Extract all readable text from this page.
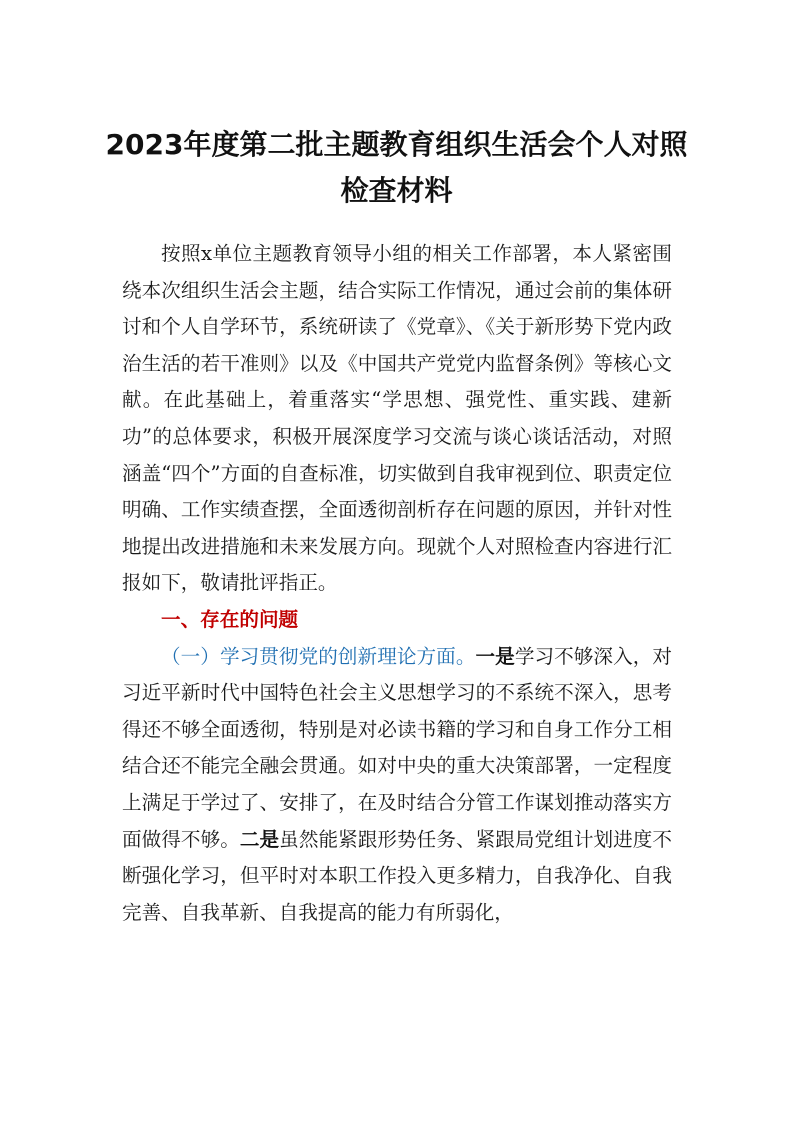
2023年度第二批主题教育组织生活会个人对照检查材料

按照x单位主题教育领导小组的相关工作部署，本人紧密围绕本次组织生活会主题，结合实际工作情况，通过会前的集体研讨和个人自学环节，系统研读了《党章》、《关于新形势下党内政治生活的若干准则》以及《中国共产党党内监督条例》等核心文献。在此基础上，着重落实“学思想、强党性、重实践、建新功”的总体要求，积极开展深度学习交流与谈心谈话活动，对照涵盖“四个”方面的自查标准，切实做到自我审视到位、职责定位明确、工作实绩查摆，全面透彻剖析存在问题的原因，并针对性地提出改进措施和未来发展方向。现就个人对照检查内容进行汇报如下，敬请批评指正。

一、存在的问题

（一）学习贯彻党的创新理论方面。一是学习不够深入，对习近平新时代中国特色社会主义思想学习的不系统不深入，思考得还不够全面透彻，特别是对必读书籍的学习和自身工作分工相结合还不能完全融会贯通。如对中央的重大决策部署，一定程度上满足于学过了、安排了，在及时结合分管工作谋划推动落实方面做得不够。二是虽然能紧跟形势任务、紧跟局党组计划进度不断强化学习，但平时对本职工作投入更多精力，自我净化、自我完善、自我革新、自我提高的能力有所弱化，
